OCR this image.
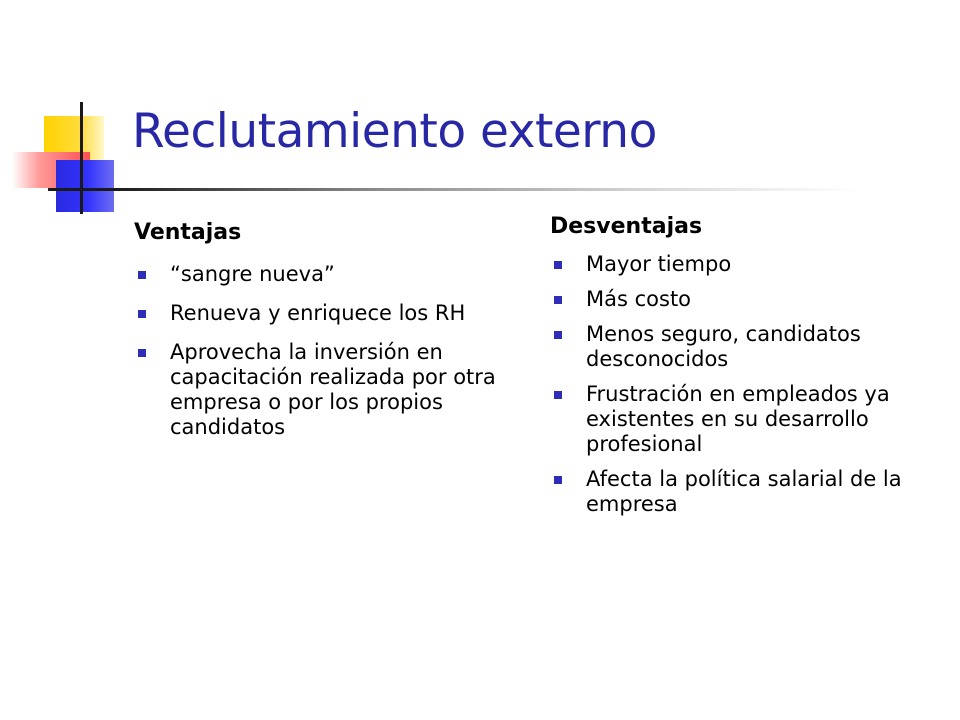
Reclutamiento externo
Ventajas
“sangre nueva”
Renueva y enriquece los RH
Aprovecha la inversión en capacitación realizada por otra empresa o por los propios candidatos
Desventajas
Mayor tiempo
Más costo
Menos seguro, candidatos desconocidos
Frustración en empleados ya existentes en su desarrollo profesional
Afecta la política salarial de la empresa
